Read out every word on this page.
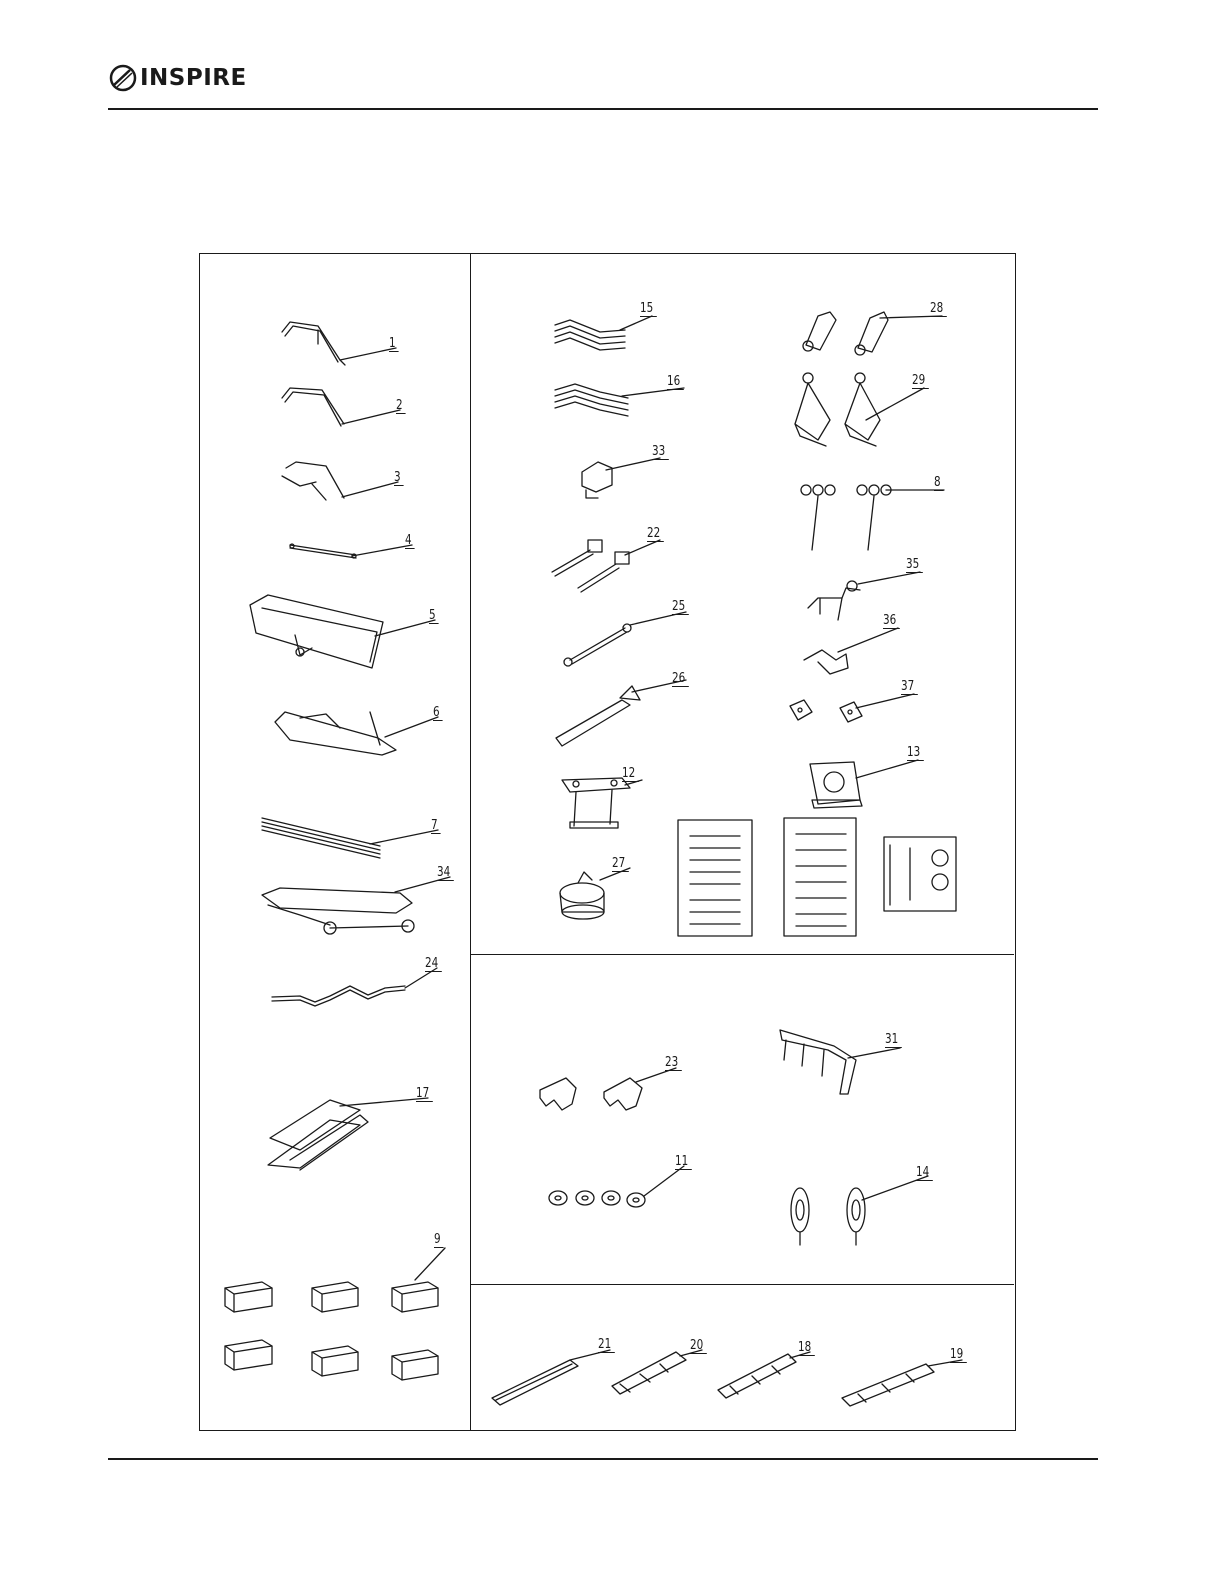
INSPIRE
1
2
3
4
5
6
7
34
24
17
9
15
16
33
22
25
26
12
27
28
29
8
35
36
37
13
23
31
11
14
21	20	18	19
